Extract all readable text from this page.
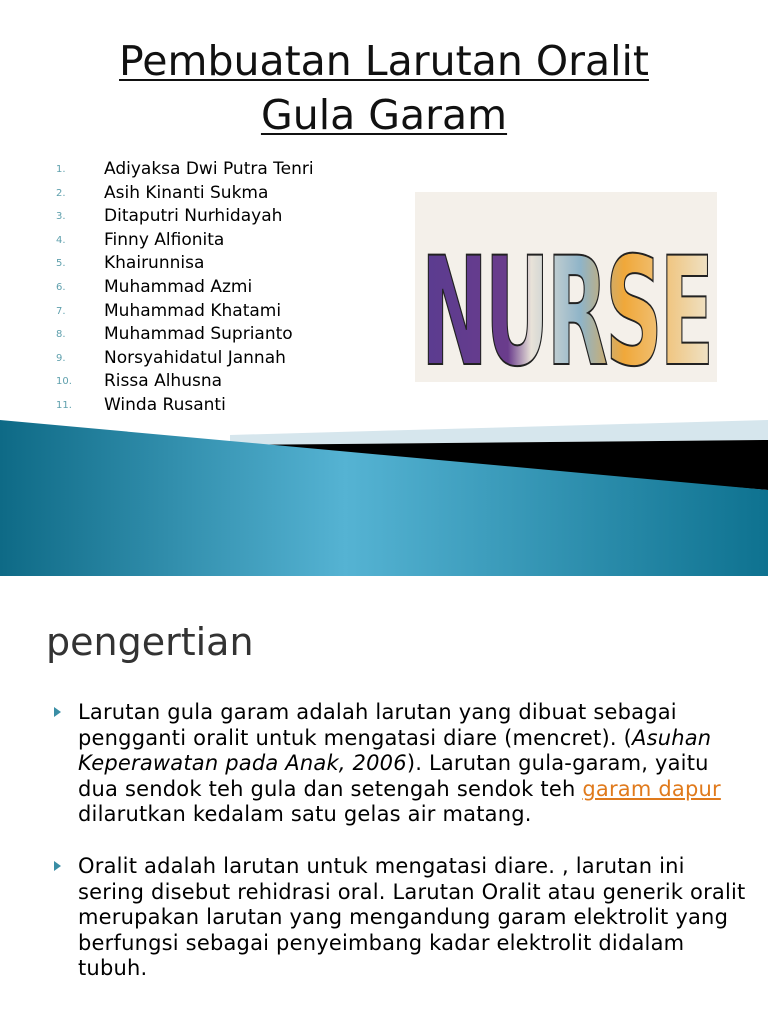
Pembuatan Larutan Oralit
Gula Garam
1. Adiyaksa Dwi Putra Tenri
2. Asih Kinanti Sukma
3. Ditaputri Nurhidayah
4. Finny Alfionita
5. Khairunnisa
6. Muhammad Azmi
7. Muhammad Khatami
8. Muhammad Suprianto
9. Norsyahidatul Jannah
10. Rissa Alhusna
11. Winda Rusanti
NURSE
pengertian
Larutan gula garam adalah larutan yang dibuat sebagai pengganti oralit untuk mengatasi diare (mencret). (Asuhan Keperawatan pada Anak, 2006). Larutan gula-garam, yaitu dua sendok teh gula dan setengah sendok teh garam dapur dilarutkan kedalam satu gelas air matang.
Oralit adalah larutan untuk mengatasi diare. , larutan ini sering disebut rehidrasi oral. Larutan Oralit atau generik oralit merupakan larutan yang mengandung garam elektrolit yang berfungsi sebagai penyeimbang kadar elektrolit didalam tubuh.
